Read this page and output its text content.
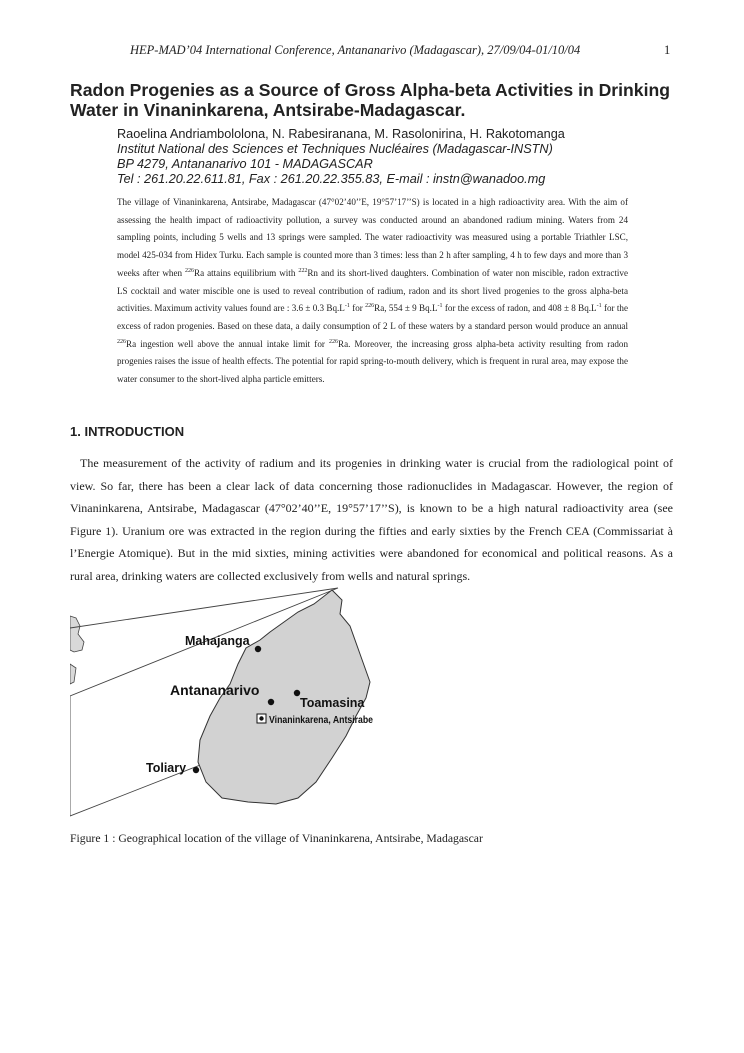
HEP-MAD’04 International Conference, Antananarivo (Madagascar), 27/09/04-01/10/04	1
Radon Progenies as a Source of Gross Alpha-beta Activities in Drinking
Water in Vinaninkarena, Antsirabe-Madagascar.
Raoelina Andriambololona, N. Rabesiranana, M. Rasolonirina, H. Rakotomanga
Institut National des Sciences et Techniques Nucléaires (Madagascar-INSTN)
BP 4279, Antananarivo 101 - MADAGASCAR
Tel : 261.20.22.611.81, Fax : 261.20.22.355.83, E-mail : instn@wanadoo.mg
The village of Vinaninkarena, Antsirabe, Madagascar (47°02’40’’E, 19°57’17’’S) is located in a high radioactivity area. With the aim of assessing the health impact of radioactivity pollution, a survey was conducted around an abandoned radium mining. Waters from 24 sampling points, including 5 wells and 13 springs were sampled. The water radioactivity was measured using a portable Triathler LSC, model 425-034 from Hidex Turku. Each sample is counted more than 3 times: less than 2 h after sampling, 4 h to few days and more than 3 weeks after when $^{226}$Ra attains equilibrium with $^{222}$Rn and its short-lived daughters. Combination of water non miscible, radon extractive LS cocktail and water miscible one is used to reveal contribution of radium, radon and its short lived progenies to the gross alpha-beta activities. Maximum activity values found are : 3.6 ± 0.3 $Bq.L^{-1}$ for $^{226}$Ra, 554 ± 9 $Bq.L^{-1}$ for the excess of radon, and 408 ± 8 $Bq.L^{-1}$ for the excess of radon progenies. Based on these data, a daily consumption of 2 L of these waters by a standard person would produce an annual $^{226}$Ra ingestion well above the annual intake limit for $^{226}$Ra. Moreover, the increasing gross alpha-beta activity resulting from radon progenies raises the issue of health effects. The potential for rapid spring-to-mouth delivery, which is frequent in rural area, may expose the water consumer to the short-lived alpha particle emitters.
1. INTRODUCTION
The measurement of the activity of radium and its progenies in drinking water is crucial from the radiological point of view. So far, there has been a clear lack of data concerning those radionuclides in Madagascar. However, the region of Vinaninkarena, Antsirabe, Madagascar (47°02’40’’E, 19°57’17’’S), is known to be a high natural radioactivity area (see Figure 1). Uranium ore was extracted in the region during the fifties and early sixties by the French CEA (Commissariat à l’Energie Atomique). But in the mid sixties, mining activities were abandoned for economical and political reasons. As a rural area, drinking waters are collected exclusively from wells and natural springs.
Mahajanga
Antananarivo
Toamasina
Vinaninkarena, Antsirabe
Toliary
Figure 1 : Geographical location of the village of Vinaninkarena, Antsirabe, Madagascar
